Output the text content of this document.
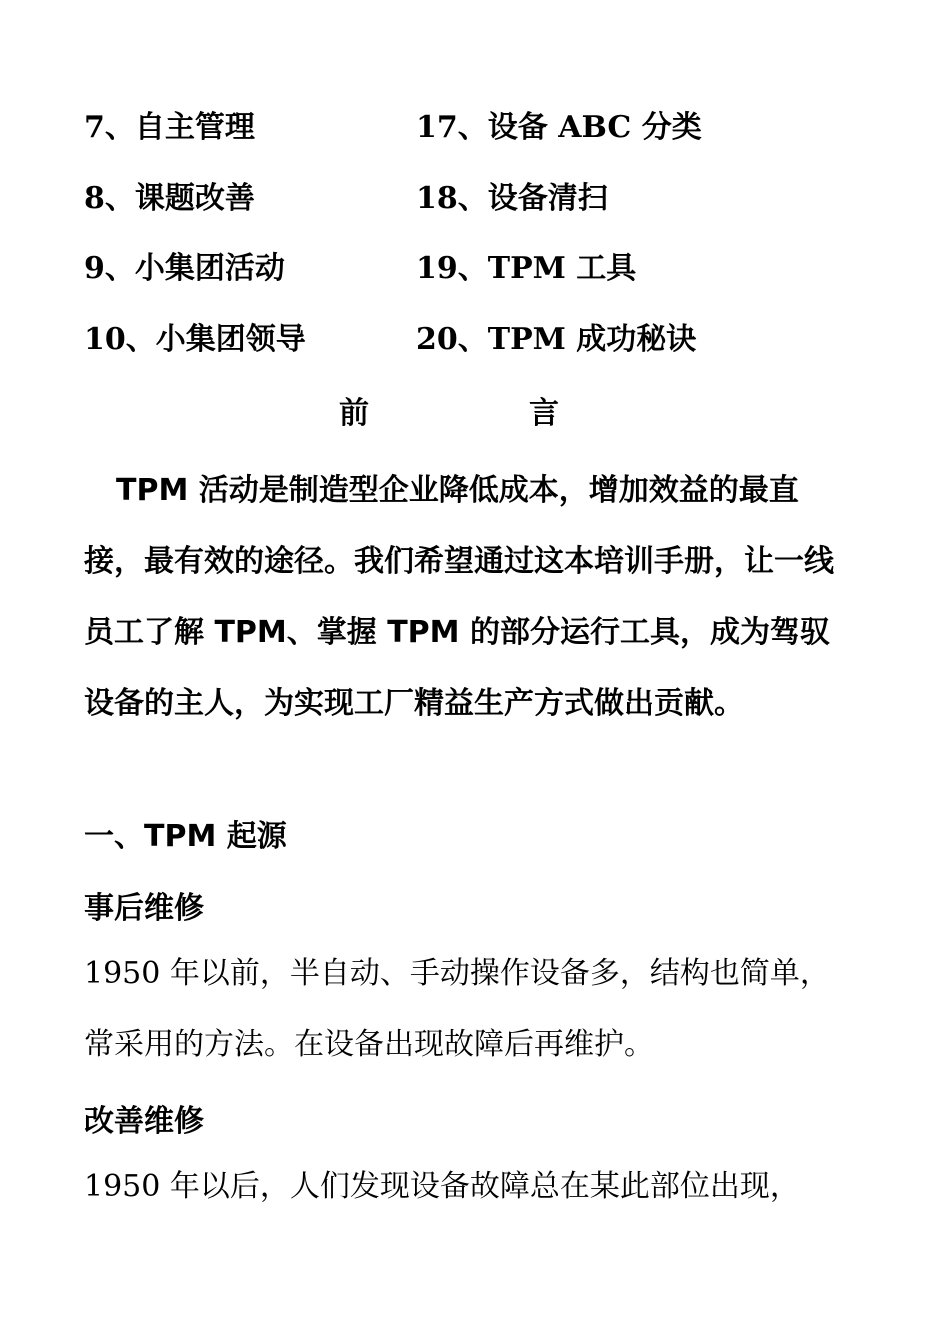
7、自主管理	17、设备 ABC 分类
8、课题改善	18、设备清扫
9、小集团活动	19、TPM 工具
10、小集团领导	20、TPM 成功秘诀
前	言

TPM 活动是制造型企业降低成本，增加效益的最直接，最有效的途径。我们希望通过这本培训手册，让一线员工了解 TPM、掌握 TPM 的部分运行工具，成为驾驭设备的主人，为实现工厂精益生产方式做出贡献。

一、TPM 起源
事后维修

1950 年以前，半自动、手动操作设备多，结构也简单，常采用的方法。在设备出现故障后再维护。

改善维修

1950 年以后，人们发现设备故障总在某此部位出现，
